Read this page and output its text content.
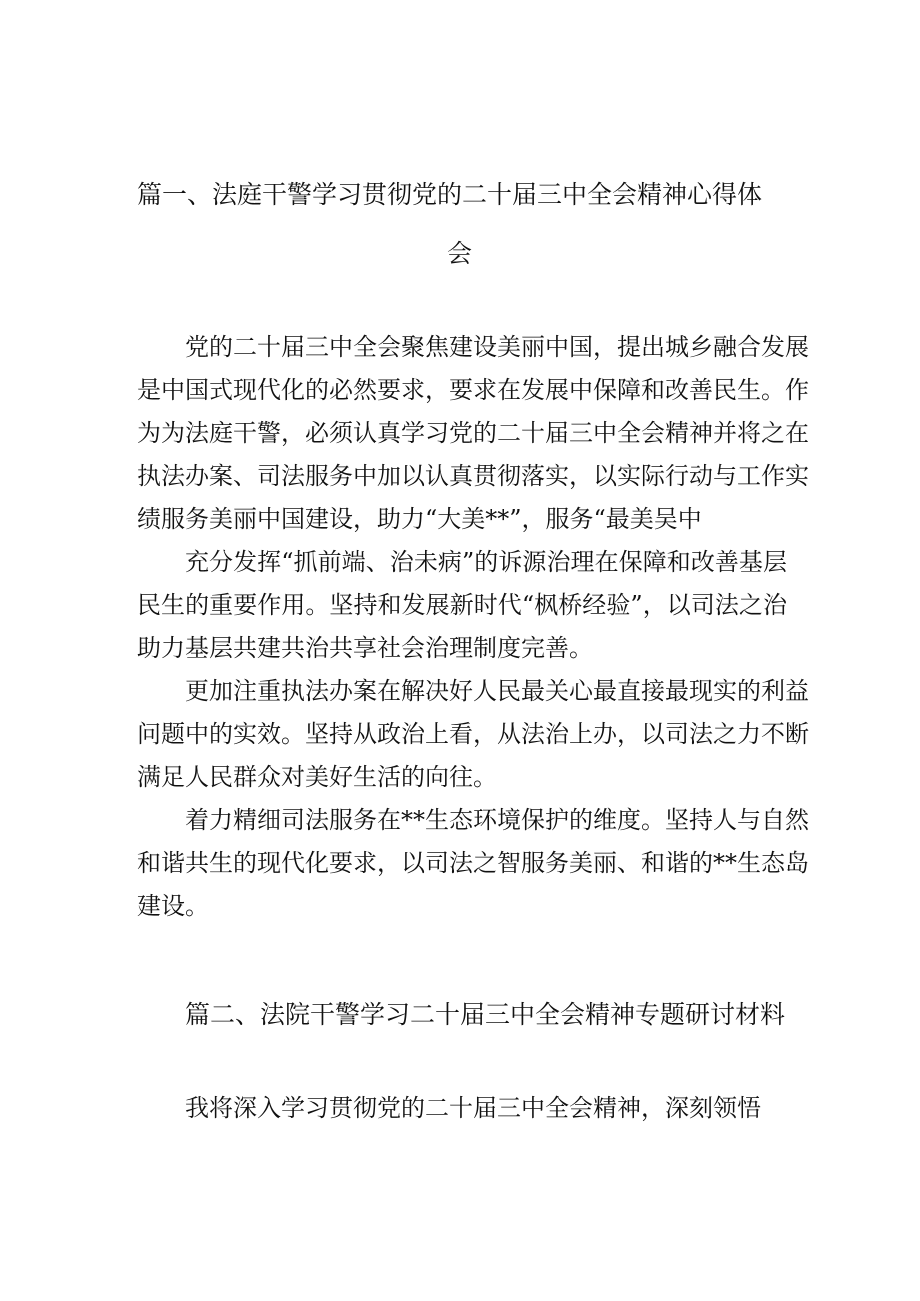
篇一、法庭干警学习贯彻党的二十届三中全会精神心得体
会
党的二十届三中全会聚焦建设美丽中国，提出城乡融合发展
是中国式现代化的必然要求，要求在发展中保障和改善民生。作
为为法庭干警，必须认真学习党的二十届三中全会精神并将之在
执法办案、司法服务中加以认真贯彻落实，以实际行动与工作实
绩服务美丽中国建设，助力“大美**”，服务“最美吴中
充分发挥“抓前端、治未病”的诉源治理在保障和改善基层
民生的重要作用。坚持和发展新时代“枫桥经验”，以司法之治
助力基层共建共治共享社会治理制度完善。
更加注重执法办案在解决好人民最关心最直接最现实的利益
问题中的实效。坚持从政治上看，从法治上办，以司法之力不断
满足人民群众对美好生活的向往。
着力精细司法服务在**生态环境保护的维度。坚持人与自然
和谐共生的现代化要求，以司法之智服务美丽、和谐的**生态岛
建设。
篇二、法院干警学习二十届三中全会精神专题研讨材料
我将深入学习贯彻党的二十届三中全会精神，深刻领悟
